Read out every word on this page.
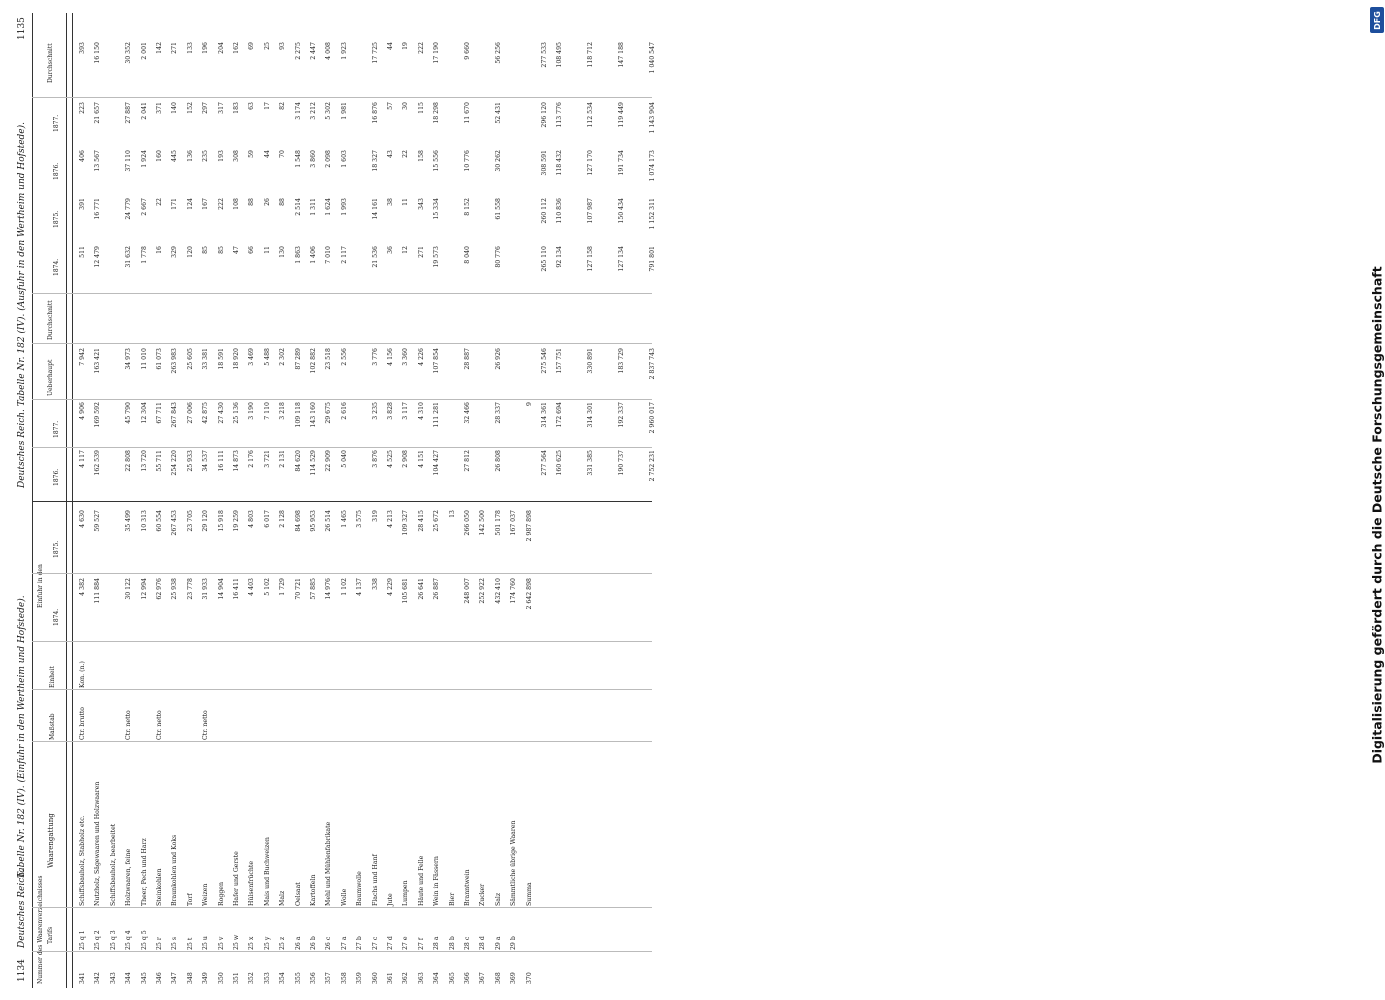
1134
Deutsches Reich.
Tabelle Nr. 182 (IV). (Einfuhr in den Wertheim und Hofstede).
Deutsches Reich. Tabelle Nr. 182 (IV). (Ausfuhr in den Wertheim und Hofstede).
1135
Nummer des Waarenverzeichnisses Tarifs
Waarengattung
Maßstab
Einheit
Einfuhr in den
1874.
1875.
1876.
1877.
Ueberhaupt
Durchschnitt
1874.
1875.
1876.
1877.
Durchschnitt
341
25 q 1
Schiffsbauholz, Stabholz etc.
Ctr. brutto
Kon. (n.)
4 382
4 630
4 117
4 906
7 942
511
391
406
223
393
342
25 q 2
Nutzholz, Sägewaaren und Holzwaaren
111 884
59 527
162 539
169 592
163 421
12 479
16 771
13 567
21 657
16 150
343
25 q 3
Schiffsbauholz, bearbeitet
344
25 q 4
Holzwaaren, feine
Ctr. netto
30 122
35 499
22 808
45 790
34 973
31 632
24 779
37 110
27 887
30 352
345
25 q 5
Theer, Pech und Harz
12 994
10 313
13 720
12 304
11 010
1 778
2 667
1 924
2 041
2 001
346
25 r
Steinkohlen
Ctr. netto
62 976
60 554
55 711
67 711
61 073
16
22
160
371
142
347
25 s
Braunkohlen und Koks
25 938
267 453
254 220
267 843
263 983
329
171
445
140
271
348
25 t
Torf
23 778
23 705
25 933
27 006
25 605
120
124
136
152
133
349
25 u
Weizen
Ctr. netto
31 933
29 120
34 537
42 875
33 381
85
167
235
297
196
350
25 v
Roggen
14 904
15 918
16 111
27 430
18 591
85
222
193
317
204
351
25 w
Hafer und Gerste
16 411
19 259
14 873
25 136
18 920
47
108
308
183
162
352
25 x
Hülsenfrüchte
4 403
4 803
2 176
3 190
3 469
66
88
59
63
69
353
25 y
Mais und Buchweizen
5 102
6 017
3 721
7 110
5 488
11
26
44
17
25
354
25 z
Malz
1 729
2 128
2 131
3 218
2 302
130
88
70
82
93
355
26 a
Oelsaat
70 721
84 698
84 620
109 118
87 289
1 863
2 514
1 548
3 174
2 275
356
26 b
Kartoffeln
57 885
95 953
114 529
143 160
102 882
1 406
1 311
3 860
3 212
2 447
357
26 c
Mehl und Mühlenfabrikate
14 976
26 514
22 909
29 675
23 518
7 010
1 624
2 098
5 302
4 008
358
27 a
Wolle
1 102
1 465
5 040
2 616
2 556
2 117
1 993
1 603
1 981
1 923
359
27 b
Baumwolle
4 137
3 575
360
27 c
Flachs und Hanf
338
319
3 876
3 235
3 776
21 536
14 161
18 327
16 876
17 725
361
27 d
Jute
4 229
4 213
4 525
3 828
4 156
36
38
43
57
44
362
27 e
Lumpen
105 681
109 327
2 908
3 117
3 360
12
11
22
30
19
363
27 f
Häute und Felle
26 641
28 415
4 151
4 310
4 226
271
343
158
115
222
364
28 a
Wein in Fässern
26 887
25 672
104 427
111 281
107 854
19 573
15 334
15 556
18 298
17 190
365
28 b
Bier
13
366
28 c
Branntwein
248 007
266 050
27 812
32 466
28 887
8 040
8 152
10 776
11 670
9 660
367
28 d
Zucker
252 922
142 500
368
29 a
Salz
432 410
501 178
26 808
28 337
26 926
80 776
61 558
30 262
52 431
56 256
369
29 b
Sämmtliche übrige Waaren
174 760
167 037
370
Summa
2 642 898
2 987 898
9
277 564
314 361
275 546
265 110
260 112
308 591
296 120
277 533
160 625
172 694
157 751
92 134
110 836
118 432
113 776
108 495
331 385
314 301
330 891
127 158
107 987
127 170
112 534
118 712
190 737
192 337
183 729
127 134
150 434
191 734
119 449
147 188
2 752 231
2 960 017
2 837 743
791 801
1 152 311
1 074 173
1 143 904
1 040 547
DFG
Digitalisierung gefördert durch die Deutsche Forschungsgemeinschaft
